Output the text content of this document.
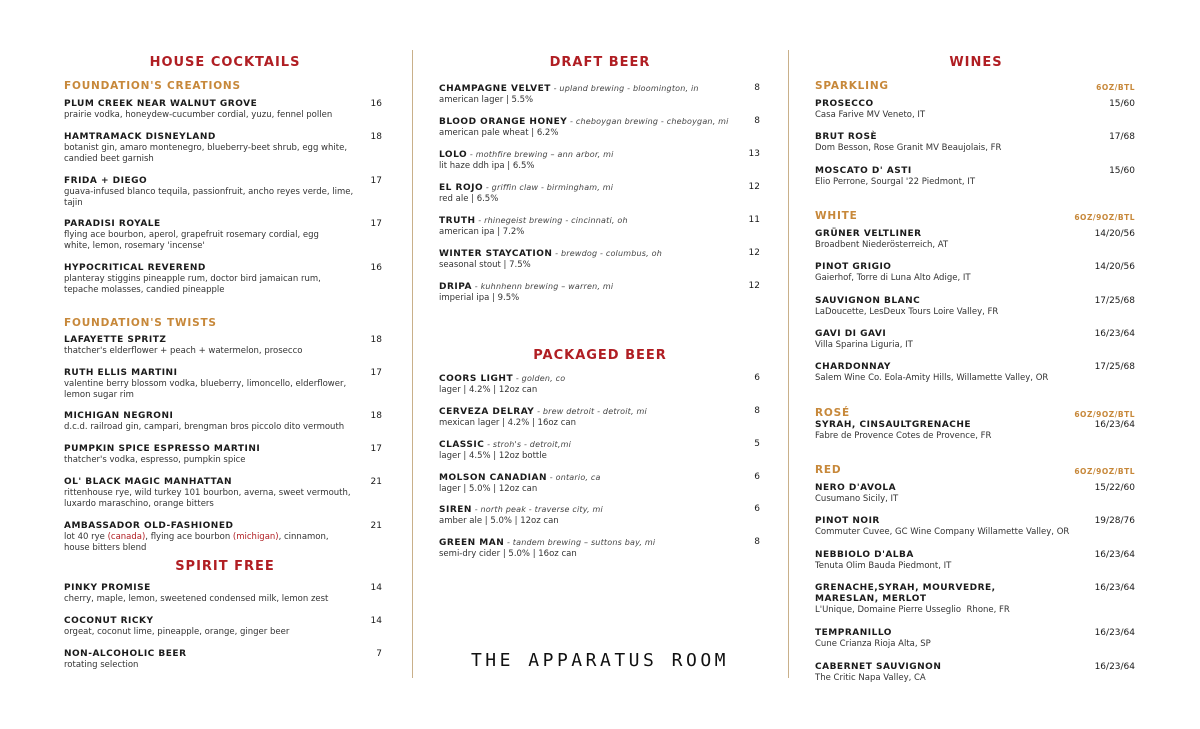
HOUSE COCKTAILS
FOUNDATION'S CREATIONS
PLUM CREEK NEAR WALNUT GROVE
prairie vodka, honeydew-cucumber cordial, yuzu, fennel pollen
16
HAMTRAMACK DISNEYLAND
botanist gin, amaro montenegro, blueberry-beet shrub, egg white, candied beet garnish
18
FRIDA + DIEGO
guava-infused blanco tequila, passionfruit, ancho reyes verde, lime, tajin
17
PARADISI ROYALE
flying ace bourbon, aperol, grapefruit rosemary cordial, egg white, lemon, rosemary 'incense'
17
HYPOCRITICAL REVEREND
planteray stiggins pineapple rum, doctor bird jamaican rum, tepache molasses, candied pineapple
16
FOUNDATION'S TWISTS
LAFAYETTE SPRITZ
thatcher's elderflower + peach + watermelon, prosecco
18
RUTH ELLIS MARTINI
valentine berry blossom vodka, blueberry, limoncello, elderflower, lemon sugar rim
17
MICHIGAN NEGRONI
d.c.d. railroad gin, campari, brengman bros piccolo dito vermouth
18
PUMPKIN SPICE ESPRESSO MARTINI
thatcher's vodka, espresso, pumpkin spice
17
OL' BLACK MAGIC MANHATTAN
rittenhouse rye, wild turkey 101 bourbon, averna, sweet vermouth, luxardo maraschino, orange bitters
21
AMBASSADOR OLD-FASHIONED
lot 40 rye (canada), flying ace bourbon (michigan), cinnamon,
house bitters blend
21
SPIRIT FREE
PINKY PROMISE
cherry, maple, lemon, sweetened condensed milk, lemon zest
14
COCONUT RICKY
orgeat, coconut lime, pineapple, orange, ginger beer
14
NON-ALCOHOLIC BEER
rotating selection
7
DRAFT BEER
CHAMPAGNE VELVET - upland brewing - bloomington, in
american lager | 5.5%
8
BLOOD ORANGE HONEY - cheboygan brewing - cheboygan, mi
american pale wheat | 6.2%
8
LOLO - mothfire brewing – ann arbor, mi
lit haze ddh ipa | 6.5%
13
EL ROJO - griffin claw - birmingham, mi
red ale | 6.5%
12
TRUTH - rhinegeist brewing - cincinnati, oh
american ipa | 7.2%
11
WINTER STAYCATION - brewdog - columbus, oh
seasonal stout | 7.5%
12
DRIPA - kuhnhenn brewing – warren, mi
imperial ipa | 9.5%
12
PACKAGED BEER
COORS LIGHT - golden, co
lager | 4.2% | 12oz can
6
CERVEZA DELRAY - brew detroit - detroit, mi
mexican lager | 4.2% | 16oz can
8
CLASSIC - stroh's - detroit,mi
lager | 4.5% | 12oz bottle
5
MOLSON CANADIAN - ontario, ca
lager | 5.0% | 12oz can
6
SIREN - north peak - traverse city, mi
amber ale | 5.0% | 12oz can
6
GREEN MAN - tandem brewing – suttons bay, mi
semi-dry cider | 5.0% | 16oz can
8
THE APPARATUS ROOM
WINES
SPARKLING	6OZ/BTL
PROSECCO
Casa Farive MV Veneto, IT
15/60
BRUT ROSÈ
Dom Besson, Rose Granit MV Beaujolais, FR
17/68
MOSCATO D' ASTI
Elio Perrone, Sourgal '22 Piedmont, IT
15/60
WHITE	6OZ/9OZ/BTL
GRÜNER VELTLINER
Broadbent Niederösterreich, AT
14/20/56
PINOT GRIGIO
Gaierhof, Torre di Luna Alto Adige, IT
14/20/56
SAUVIGNON BLANC
LaDoucette, LesDeux Tours Loire Valley, FR
17/25/68
GAVI DI GAVI
Villa Sparina Liguria, IT
16/23/64
CHARDONNAY
Salem Wine Co. Eola-Amity Hills, Willamette Valley, OR
17/25/68
ROSÉ	6OZ/9OZ/BTL
SYRAH, CINSAULTGRENACHE
Fabre de Provence Cotes de Provence, FR
16/23/64
RED	6OZ/9OZ/BTL
NERO D'AVOLA
Cusumano Sicily, IT
15/22/60
PINOT NOIR
Commuter Cuvee, GC Wine Company Willamette Valley, OR
19/28/76
NEBBIOLO D'ALBA
Tenuta Olim Bauda Piedmont, IT
16/23/64
GRENACHE,SYRAH, MOURVEDRE,
MARESLAN, MERLOT
L'Unique, Domaine Pierre Usseglio  Rhone, FR
16/23/64
TEMPRANILLO
Cune Crianza Rioja Alta, SP
16/23/64
CABERNET SAUVIGNON
The Critic Napa Valley, CA
16/23/64
